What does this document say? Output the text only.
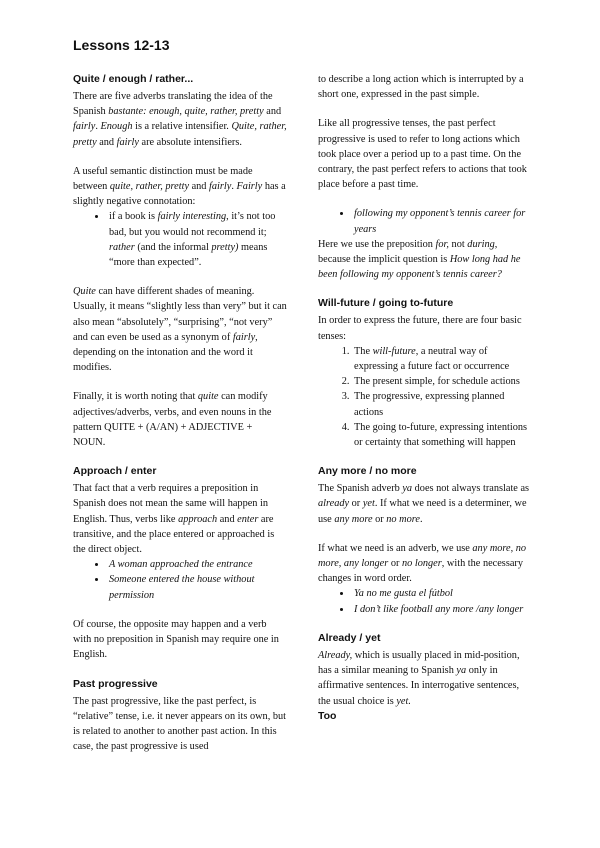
Lessons 12-13
Quite / enough / rather...

There are five adverbs translating the idea of the Spanish bastante: enough, quite, rather, pretty and fairly. Enough is a relative intensifier. Quite, rather, pretty and fairly are absolute intensifiers.

A useful semantic distinction must be made between quite, rather, pretty and fairly. Fairly has a slightly negative connotation:

• if a book is fairly interesting, it’s not too bad, but you would not recommend it; rather (and the informal pretty) means “more than expected”.

Quite can have different shades of meaning. Usually, it means “slightly less than very” but it can also mean “absolutely”, “surprising”, “not very” and can even be used as a synonym of fairly, depending on the intonation and the word it modifies.

Finally, it is worth noting that quite can modify adjectives/adverbs, verbs, and even nouns in the pattern QUITE + (A/AN) + ADJECTIVE + NOUN.

Approach / enter

That fact that a verb requires a preposition in Spanish does not mean the same will happen in English. Thus, verbs like approach and enter are transitive, and the place entered or approached is the direct object.

• A woman approached the entrance
• Someone entered the house without permission

Of course, the opposite may happen and a verb with no preposition in Spanish may require one in English.

Past progressive

The past progressive, like the past perfect, is “relative” tense, i.e. it never appears on its own, but is related to another to another past action. In this case, the past progressive is used

to describe a long action which is interrupted by a short one, expressed in the past simple.

Like all progressive tenses, the past perfect progressive is used to refer to long actions which took place over a period up to a past time. On the contrary, the past perfect refers to actions that took place before a past time.

• following my opponent’s tennis career for years

Here we use the preposition for, not during, because the implicit question is How long had he been following my opponent’s tennis career?

Will-future / going to-future

In order to express the future, there are four basic tenses:

1. The will-future, a neutral way of expressing a future fact or occurrence
2. The present simple, for schedule actions
3. The progressive, expressing planned actions
4. The going to-future, expressing intentions or certainty that something will happen
Any more / no more

The Spanish adverb ya does not always translate as already or yet. If what we need is a determiner, we use any more or no more.

If what we need is an adverb, we use any more, no more, any longer or no longer, with the necessary changes in word order.

• Ya no me gusta el fútbol
• I don’t like football any more /any longer
Already / yet

Already, which is usually placed in mid-position, has a similar meaning to Spanish ya only in affirmative sentences. In interrogative sentences, the usual choice is yet.

Too
